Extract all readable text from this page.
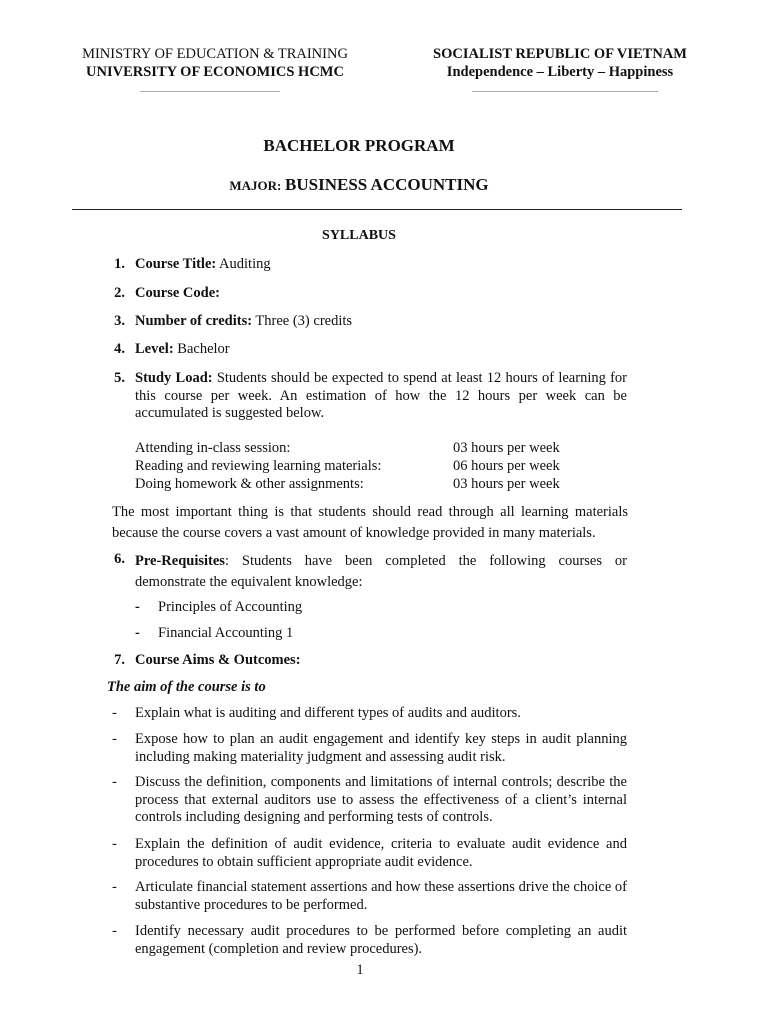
MINISTRY OF EDUCATION & TRAINING
UNIVERSITY OF ECONOMICS HCMC
SOCIALIST REPUBLIC OF VIETNAM
Independence – Liberty – Happiness
BACHELOR PROGRAM
MAJOR: BUSINESS ACCOUNTING
SYLLABUS
1. Course Title: Auditing
2. Course Code:
3. Number of credits: Three (3) credits
4. Level: Bachelor
5. Study Load: Students should be expected to spend at least 12 hours of learning for this course per week. An estimation of how the 12 hours per week can be accumulated is suggested below.
Attending in-class session:	03 hours per week
Reading and reviewing learning materials:	06 hours per week
Doing homework & other assignments:	03 hours per week
The most important thing is that students should read through all learning materials because the course covers a vast amount of knowledge provided in many materials.
6. Pre-Requisites: Students have been completed the following courses or demonstrate the equivalent knowledge:
- Principles of Accounting
- Financial Accounting 1
7. Course Aims & Outcomes:
The aim of the course is to
- Explain what is auditing and different types of audits and auditors.
- Expose how to plan an audit engagement and identify key steps in audit planning including making materiality judgment and assessing audit risk.
- Discuss the definition, components and limitations of internal controls; describe the process that external auditors use to assess the effectiveness of a client’s internal controls including designing and performing tests of controls.
- Explain the definition of audit evidence, criteria to evaluate audit evidence and procedures to obtain sufficient appropriate audit evidence.
- Articulate financial statement assertions and how these assertions drive the choice of substantive procedures to be performed.
- Identify necessary audit procedures to be performed before completing an audit engagement (completion and review procedures).
1
